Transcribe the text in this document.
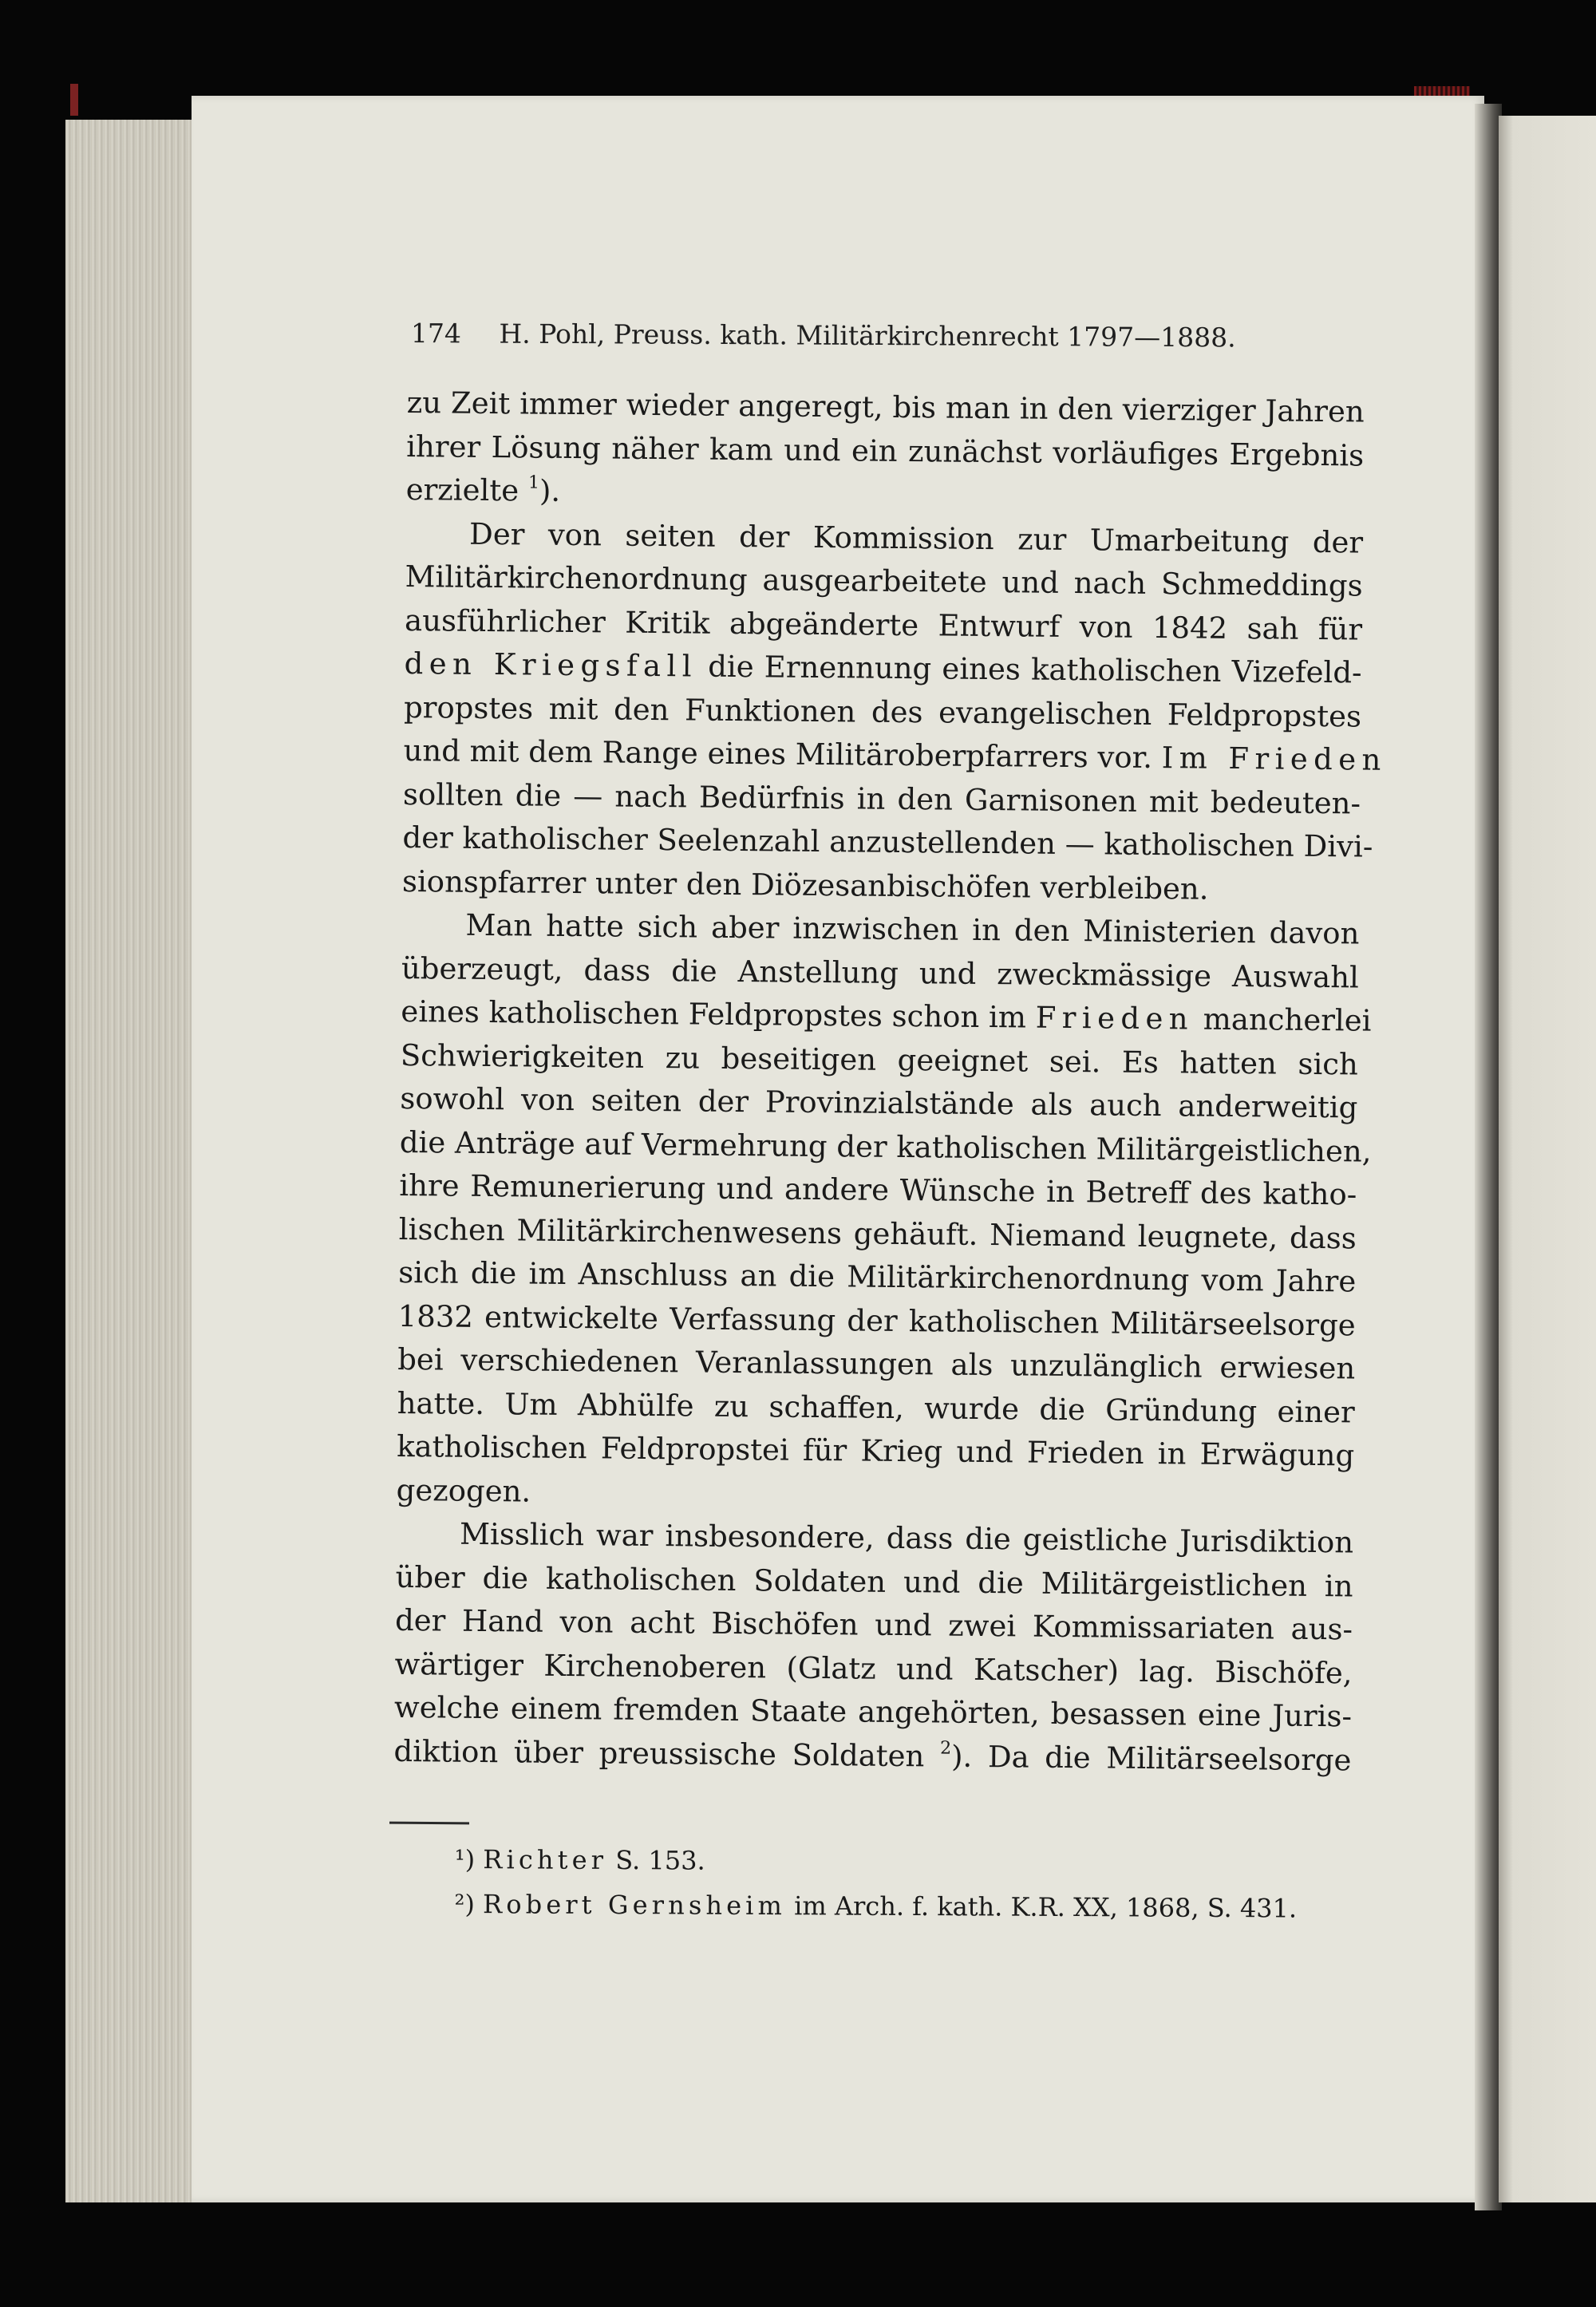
174 H. Pohl, Preuss. kath. Militärkirchenrecht 1797—1888.
zu Zeit immer wieder angeregt, bis man in den vierziger Jahren
ihrer Lösung näher kam und ein zunächst vorläufiges Ergebnis
erzielte $^1$).
Der von seiten der Kommission zur Umarbeitung der
Militärkirchenordnung ausgearbeitete und nach Schmeddings
ausführlicher Kritik abgeänderte Entwurf von 1842 sah für
den Kriegsfall die Ernennung eines katholischen Vizefeld-
propstes mit den Funktionen des evangelischen Feldpropstes
und mit dem Range eines Militäroberpfarrers vor. Im Frieden
sollten die — nach Bedürfnis in den Garnisonen mit bedeuten-
der katholischer Seelenzahl anzustellenden — katholischen Divi-
sionspfarrer unter den Diözesanbischöfen verbleiben.
Man hatte sich aber inzwischen in den Ministerien davon
überzeugt, dass die Anstellung und zweckmässige Auswahl
eines katholischen Feldpropstes schon im Frieden mancherlei
Schwierigkeiten zu beseitigen geeignet sei. Es hatten sich
sowohl von seiten der Provinzialstände als auch anderweitig
die Anträge auf Vermehrung der katholischen Militärgeistlichen,
ihre Remunerierung und andere Wünsche in Betreff des katho-
lischen Militärkirchenwesens gehäuft. Niemand leugnete, dass
sich die im Anschluss an die Militärkirchenordnung vom Jahre
1832 entwickelte Verfassung der katholischen Militärseelsorge
bei verschiedenen Veranlassungen als unzulänglich erwiesen
hatte. Um Abhülfe zu schaffen, wurde die Gründung einer
katholischen Feldpropstei für Krieg und Frieden in Erwägung
gezogen.
Misslich war insbesondere, dass die geistliche Jurisdiktion
über die katholischen Soldaten und die Militärgeistlichen in
der Hand von acht Bischöfen und zwei Kommissariaten aus-
wärtiger Kirchenoberen (Glatz und Katscher) lag. Bischöfe,
welche einem fremden Staate angehörten, besassen eine Juris-
diktion über preussische Soldaten $^2$). Da die Militärseelsorge
¹) Richter S. 153.
²) Robert Gernsheim im Arch. f. kath. K.R. XX, 1868, S. 431.
